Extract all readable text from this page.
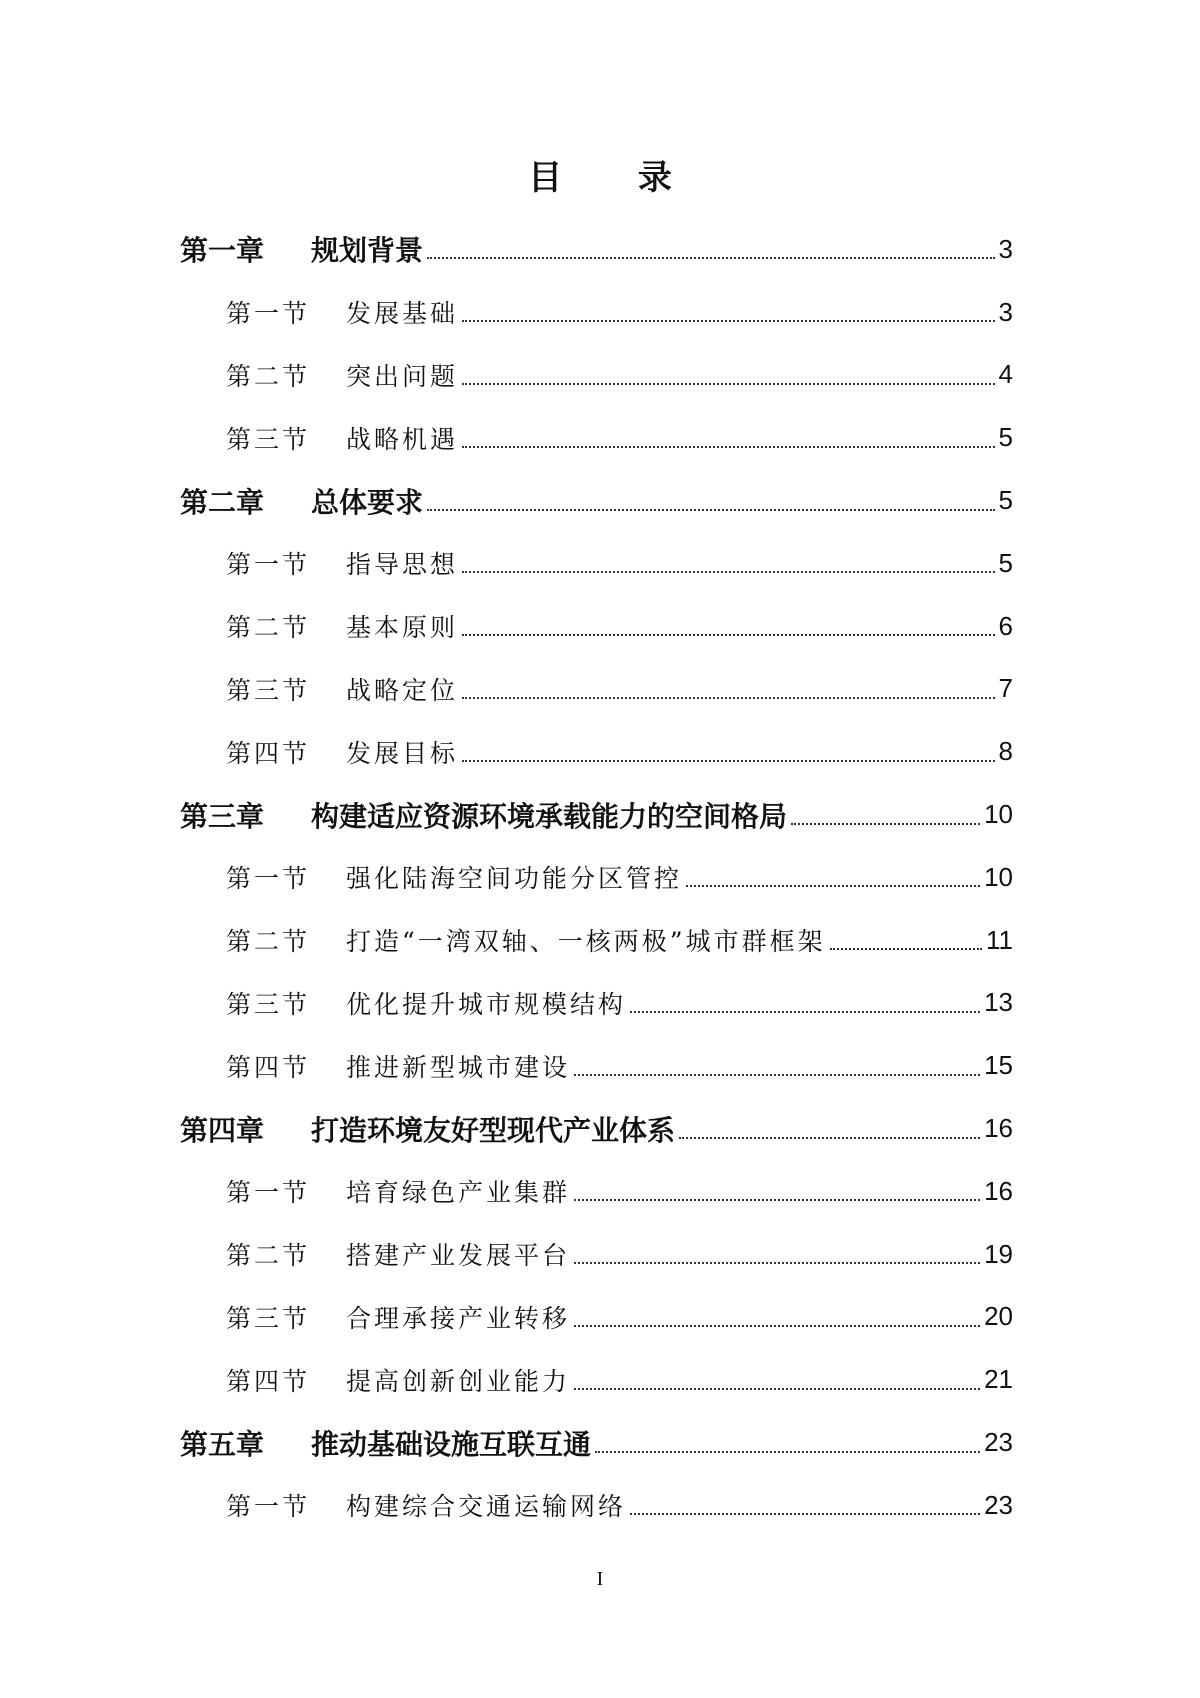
目 录
第一章	规划背景	3
第一节	发展基础	3
第二节	突出问题	4
第三节	战略机遇	5
第二章	总体要求	5
第一节	指导思想	5
第二节	基本原则	6
第三节	战略定位	7
第四节	发展目标	8
第三章	构建适应资源环境承载能力的空间格局	10
第一节	强化陆海空间功能分区管控	10
第二节	打造“一湾双轴、一核两极”城市群框架	11
第三节	优化提升城市规模结构	13
第四节	推进新型城市建设	15
第四章	打造环境友好型现代产业体系	16
第一节	培育绿色产业集群	16
第二节	搭建产业发展平台	19
第三节	合理承接产业转移	20
第四节	提高创新创业能力	21
第五章	推动基础设施互联互通	23
第一节	构建综合交通运输网络	23
I
